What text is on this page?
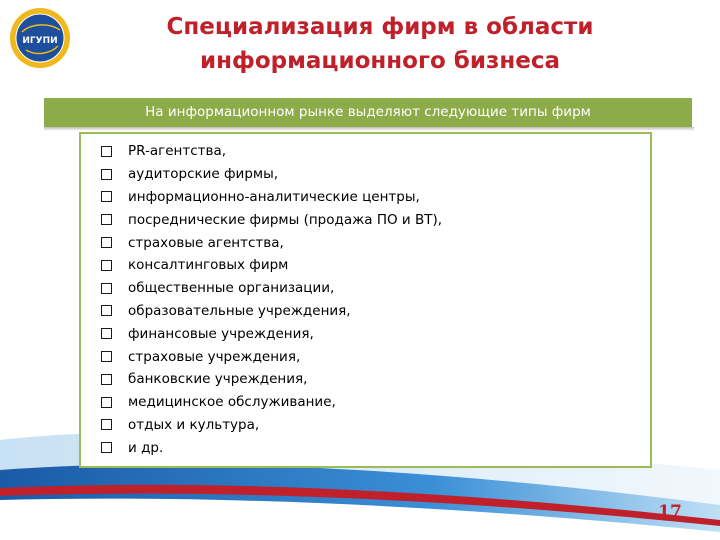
ИГУПИ
Специализация фирм в области
информационного бизнеса
На информационном рынке выделяют следующие типы фирм
PR-агентства,
аудиторские фирмы,
информационно-аналитические центры,
посреднические фирмы (продажа ПО и ВТ),
страховые агентства,
консалтинговых фирм
общественные организации,
образовательные учреждения,
финансовые учреждения,
страховые учреждения,
банковские учреждения,
медицинское обслуживание,
отдых и культура,
и др.
17
